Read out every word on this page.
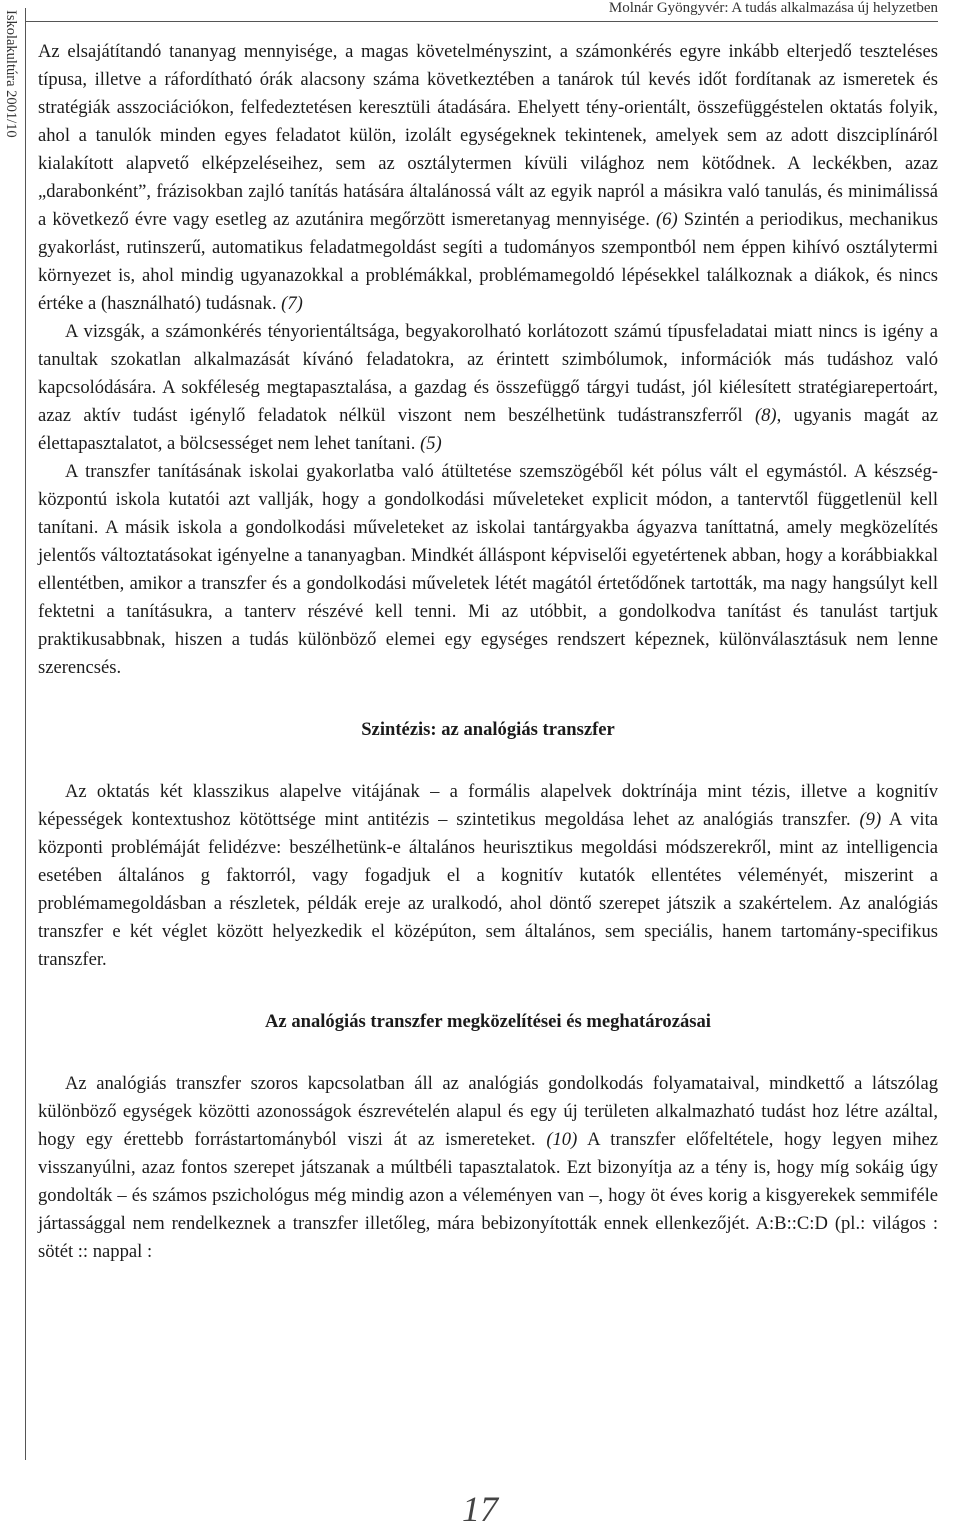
Iskolakultúra 2001/10
Molnár Gyöngyvér: A tudás alkalmazása új helyzetben

Az elsajátítandó tananyag mennyisége, a magas követelményszint, a számonkérés egyre inkább elterjedő teszteléses típusa, illetve a ráfordítható órák alacsony száma következtében a tanárok túl kevés időt fordítanak az ismeretek és stratégiák asszociációkon, felfedeztetésen keresztüli átadására. Ehelyett tény-orientált, összefüggéstelen oktatás folyik, ahol a tanulók minden egyes feladatot külön, izolált egységeknek tekintenek, amelyek sem az adott diszciplínáról kialakított alapvető elképzeléseihez, sem az osztálytermen kívüli világhoz nem kötődnek. A leckékben, azaz „darabonként”, frázisokban zajló tanítás hatására általánossá vált az egyik napról a másikra való tanulás, és minimálissá a következő évre vagy esetleg az azutánira megőrzött ismeretanyag mennyisége. (6) Szintén a periodikus, mechanikus gyakorlást, rutinszerű, automatikus feladatmegoldást segíti a tudományos szempontból nem éppen kihívó osztálytermi környezet is, ahol mindig ugyanazokkal a problémákkal, problémamegoldó lépésekkel találkoznak a diákok, és nincs értéke a (használható) tudásnak. (7)

A vizsgák, a számonkérés tényorientáltsága, begyakorolható korlátozott számú típusfeladatai miatt nincs is igény a tanultak szokatlan alkalmazását kívánó feladatokra, az érintett szimbólumok, információk más tudáshoz való kapcsolódására. A sokféleség megtapasztalása, a gazdag és összefüggő tárgyi tudást, jól kiélesített stratégiarepertoárt, azaz aktív tudást igénylő feladatok nélkül viszont nem beszélhetünk tudástranszferről (8), ugyanis magát az élettapasztalatot, a bölcsességet nem lehet tanítani. (5)

A transzfer tanításának iskolai gyakorlatba való átültetése szemszögéből két pólus vált el egymástól. A készség-központú iskola kutatói azt vallják, hogy a gondolkodási műveleteket explicit módon, a tantervtől függetlenül kell tanítani. A másik iskola a gondolkodási műveleteket az iskolai tantárgyakba ágyazva taníttatná, amely megközelítés jelentős változtatásokat igényelne a tananyagban. Mindkét álláspont képviselői egyetértenek abban, hogy a korábbiakkal ellentétben, amikor a transzfer és a gondolkodási műveletek létét magától értetődőnek tartották, ma nagy hangsúlyt kell fektetni a tanításukra, a tanterv részévé kell tenni. Mi az utóbbit, a gondolkodva tanítást és tanulást tartjuk praktikusabbnak, hiszen a tudás különböző elemei egy egységes rendszert képeznek, különválasztásuk nem lenne szerencsés.

Szintézis: az analógiás transzfer

Az oktatás két klasszikus alapelve vitájának – a formális alapelvek doktrínája mint tézis, illetve a kognitív képességek kontextushoz kötöttsége mint antitézis – szintetikus megoldása lehet az analógiás transzfer. (9) A vita központi problémáját felidézve: beszélhetünk-e általános heurisztikus megoldási módszerekről, mint az intelligencia esetében általános g faktorról, vagy fogadjuk el a kognitív kutatók ellentétes véleményét, miszerint a problémamegoldásban a részletek, példák ereje az uralkodó, ahol döntő szerepet játszik a szakértelem. Az analógiás transzfer e két véglet között helyezkedik el középúton, sem általános, sem speciális, hanem tartomány-specifikus transzfer.

Az analógiás transzfer megközelítései és meghatározásai

Az analógiás transzfer szoros kapcsolatban áll az analógiás gondolkodás folyamataival, mindkettő a látszólag különböző egységek közötti azonosságok észrevételén alapul és egy új területen alkalmazható tudást hoz létre azáltal, hogy egy érettebb forrástartományból viszi át az ismereteket. (10) A transzfer előfeltétele, hogy legyen mihez visszanyúlni, azaz fontos szerepet játszanak a múltbéli tapasztalatok. Ezt bizonyítja az a tény is, hogy míg sokáig úgy gondolták – és számos pszichológus még mindig azon a véleményen van –, hogy öt éves korig a kisgyerekek semmiféle jártassággal nem rendelkeznek a transzfer illetőleg, mára bebizonyították ennek ellenkezőjét. A:B::C:D (pl.: világos : sötét :: nappal :

17
